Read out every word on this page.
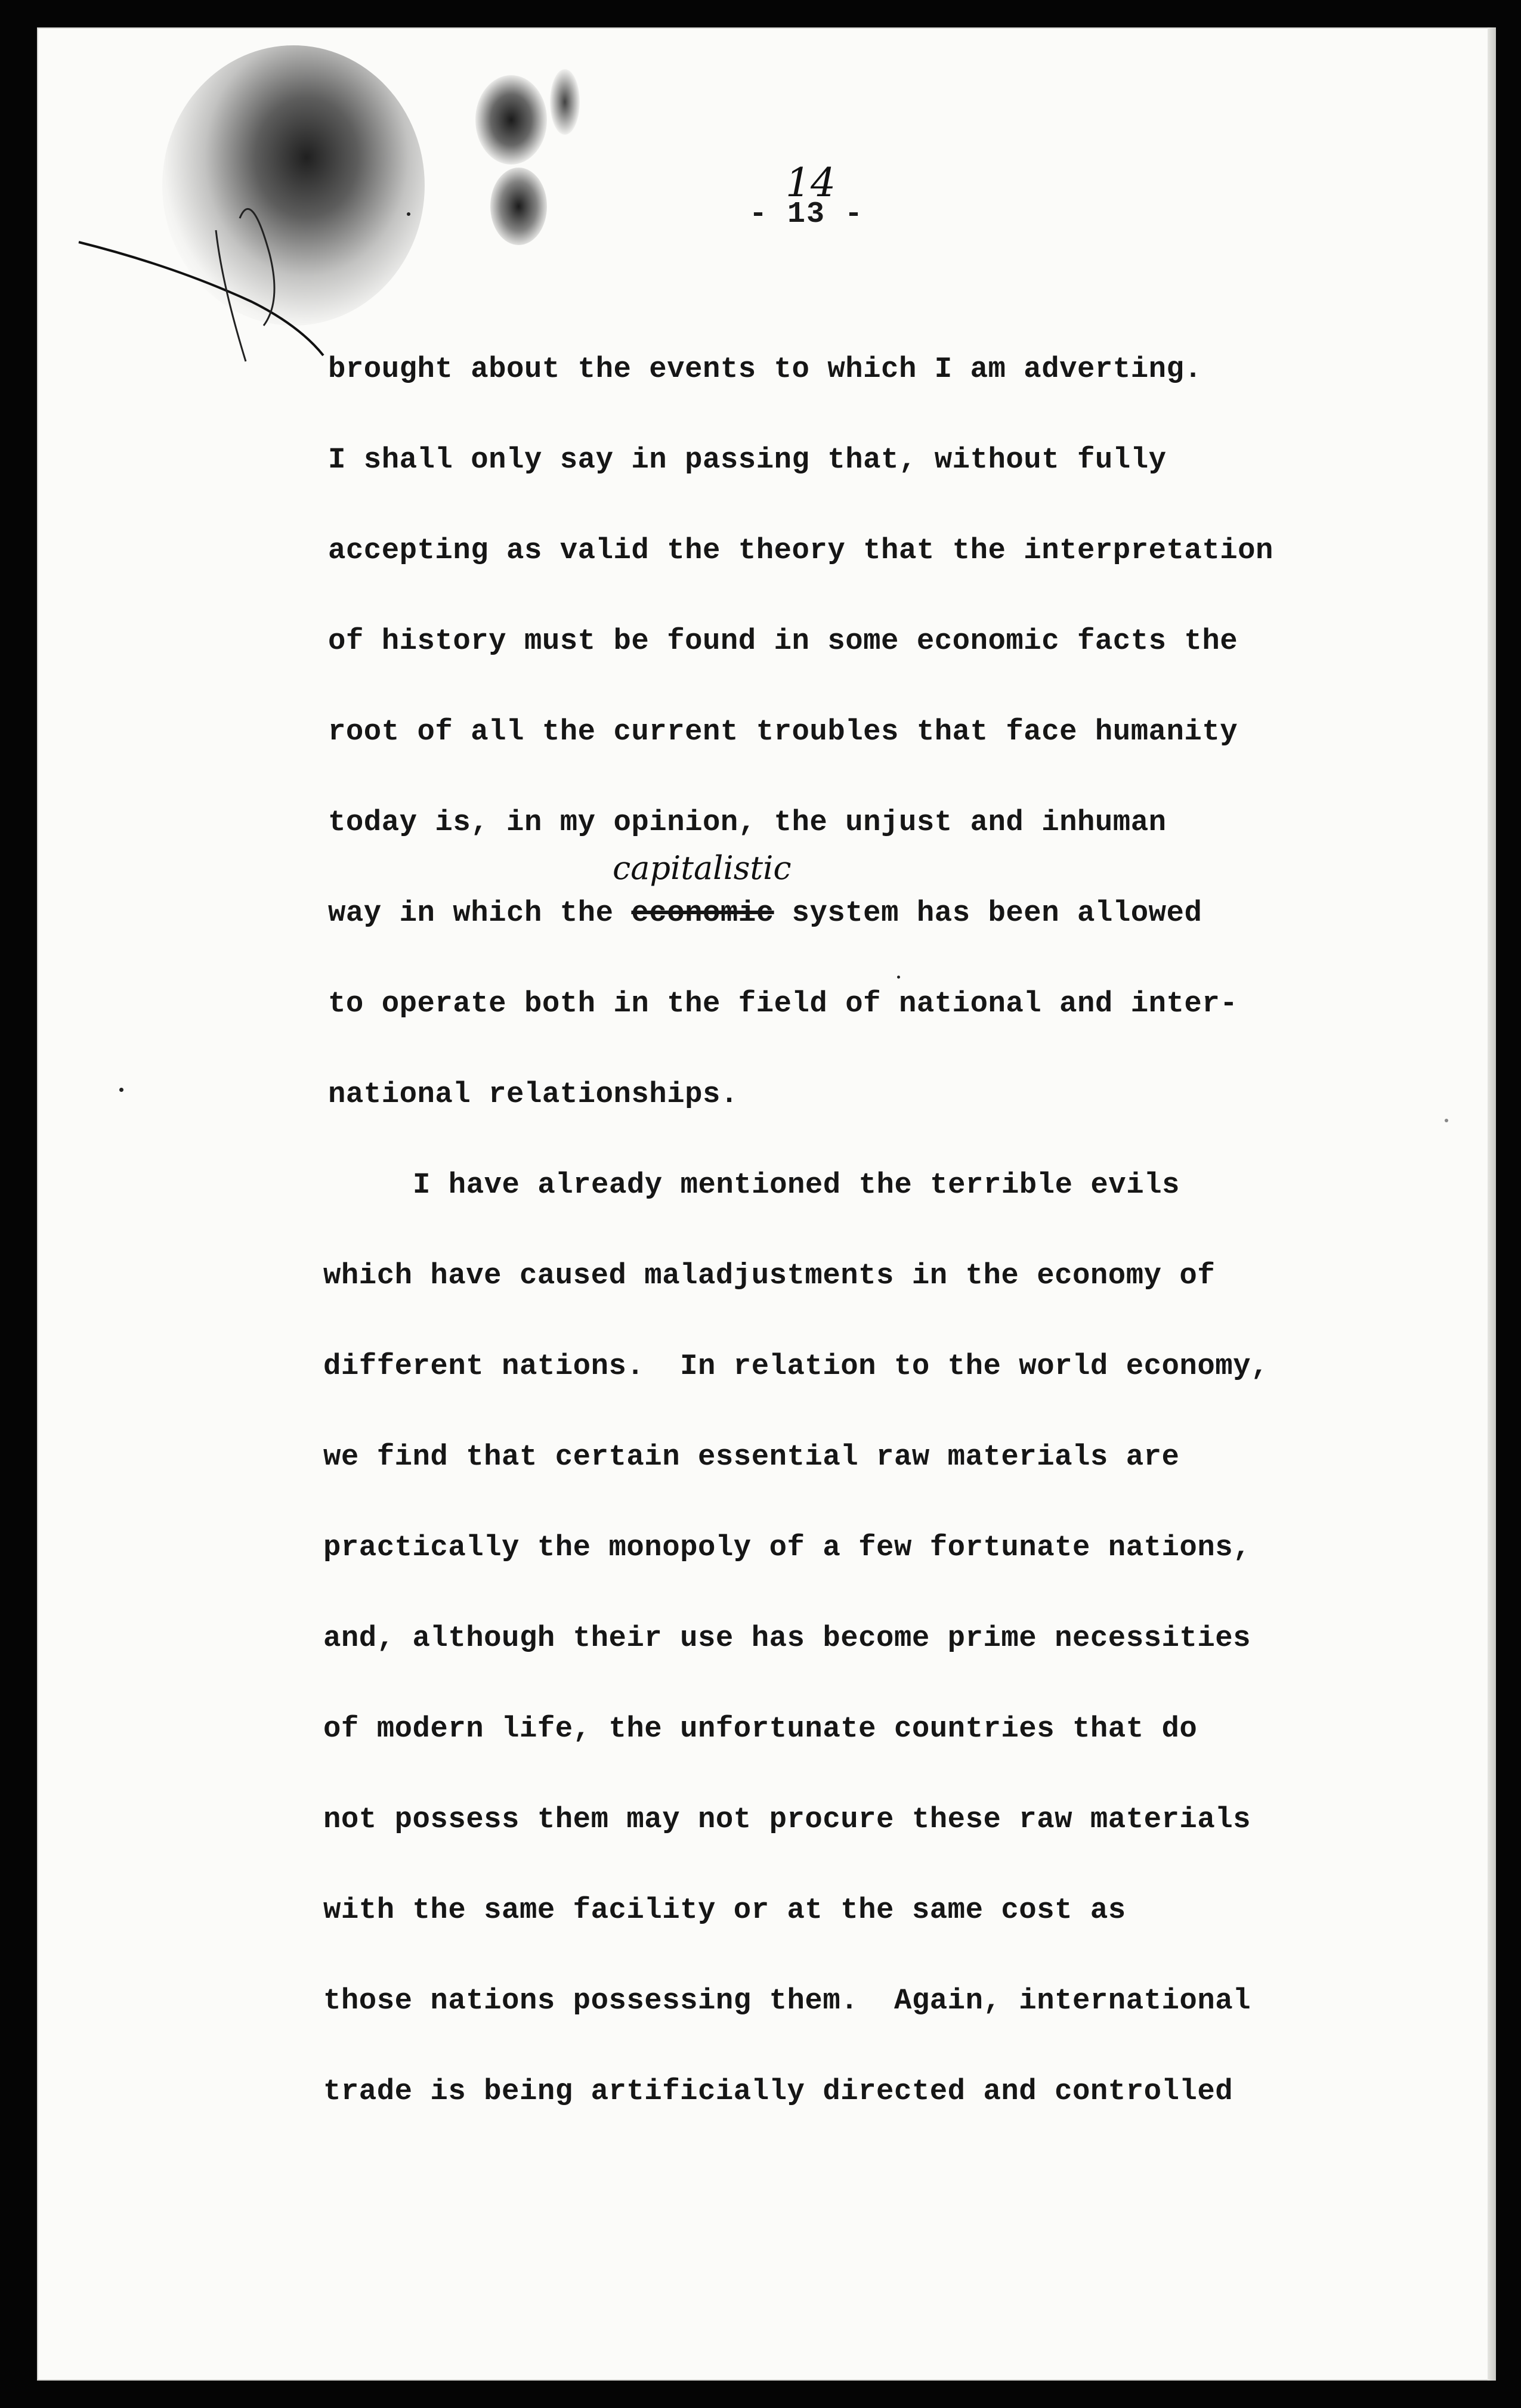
14
- 13 -

brought about the events to which I am adverting.

I shall only say in passing that, without fully

accepting as valid the theory that the interpretation

of history must be found in some economic facts the

root of all the current troubles that face humanity

today is, in my opinion, the unjust and inhuman

capitalistic

way in which the economic system has been allowed

to operate both in the field of national and inter-

national relationships.

I have already mentioned the terrible evils

which have caused maladjustments in the economy of

different nations.  In relation to the world economy,

we find that certain essential raw materials are

practically the monopoly of a few fortunate nations,

and, although their use has become prime necessities

of modern life, the unfortunate countries that do

not possess them may not procure these raw materials

with the same facility or at the same cost as

those nations possessing them.  Again, international

trade is being artificially directed and controlled
